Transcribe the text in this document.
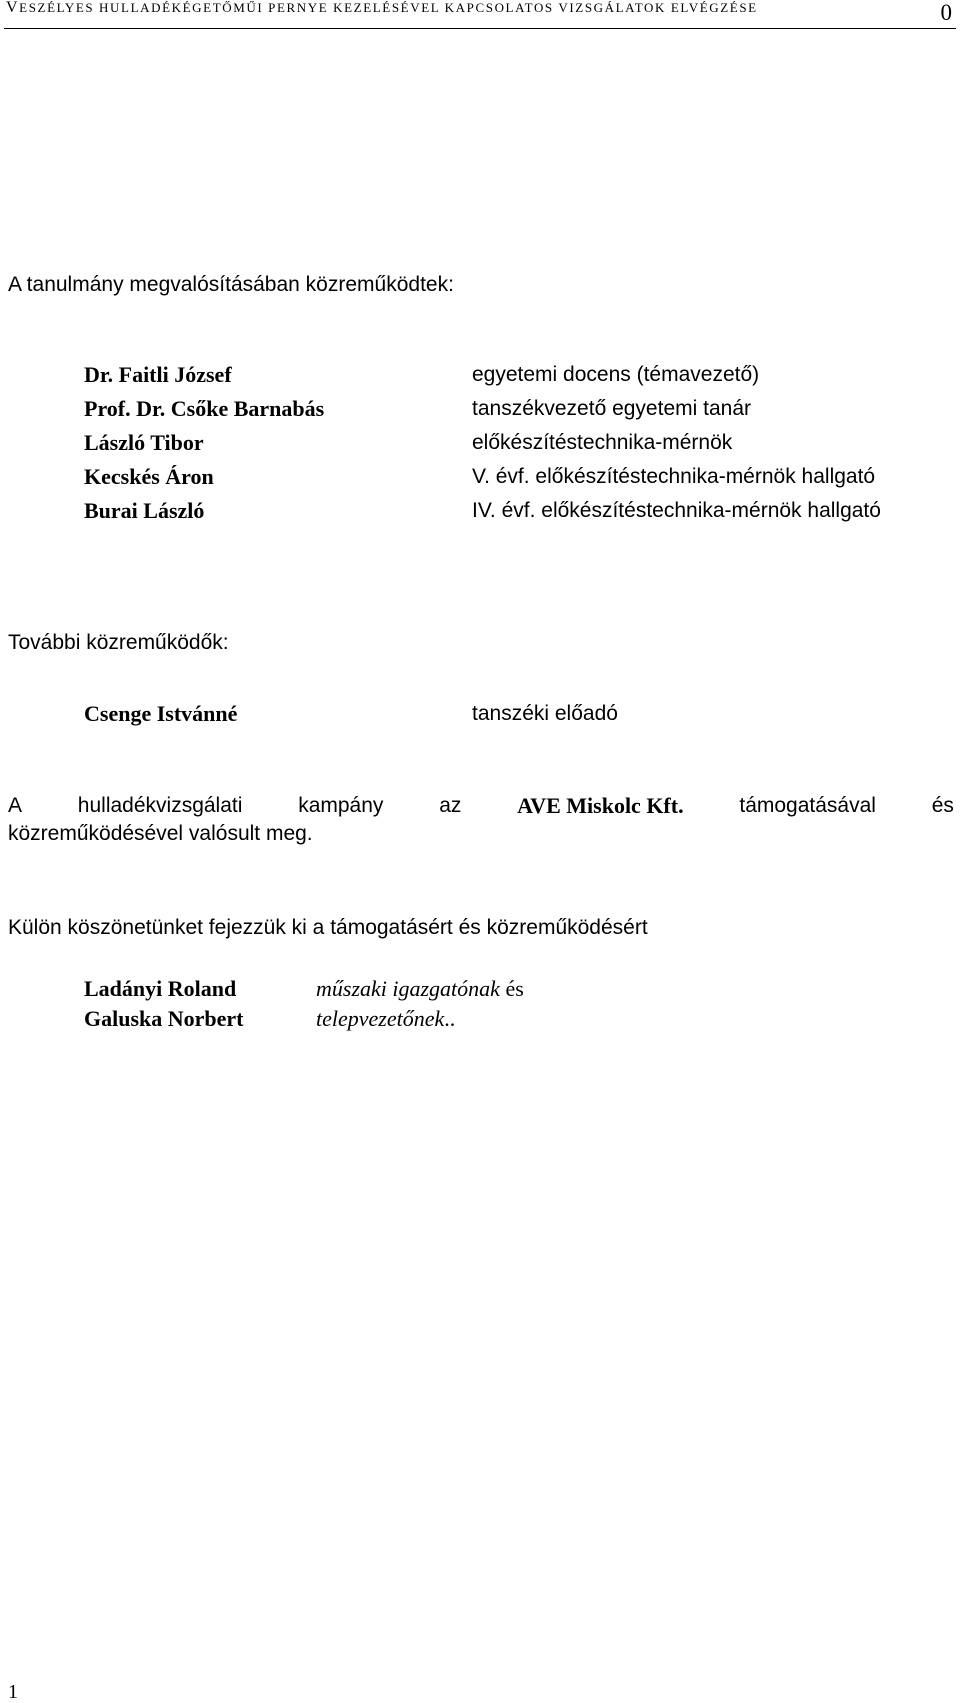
VESZÉLYES HULLADÉKÉGETŐMŰI PERNYE KEZELÉSÉVEL KAPCSOLATOS VIZSGÁLATOK ELVÉGZÉSE	0
A tanulmány megvalósításában közreműködtek:
Dr. Faitli József	egyetemi docens (témavezető)
Prof. Dr. Csőke Barnabás	tanszékvezető egyetemi tanár
László Tibor	előkészítéstechnika-mérnök
Kecskés Áron	V. évf. előkészítéstechnika-mérnök hallgató
Burai László	IV. évf. előkészítéstechnika-mérnök hallgató
További közreműködők:
Csenge Istvánné	tanszéki előadó
A	hulladékvizsgálati	kampány	az	AVE Miskolc Kft.	támogatásával	és
közreműködésével valósult meg.
Külön köszönetünket fejezzük ki a támogatásért és közreműködésért
Ladányi Roland	műszaki igazgatónak és
Galuska Norbert	telepvezetőnek..
1
